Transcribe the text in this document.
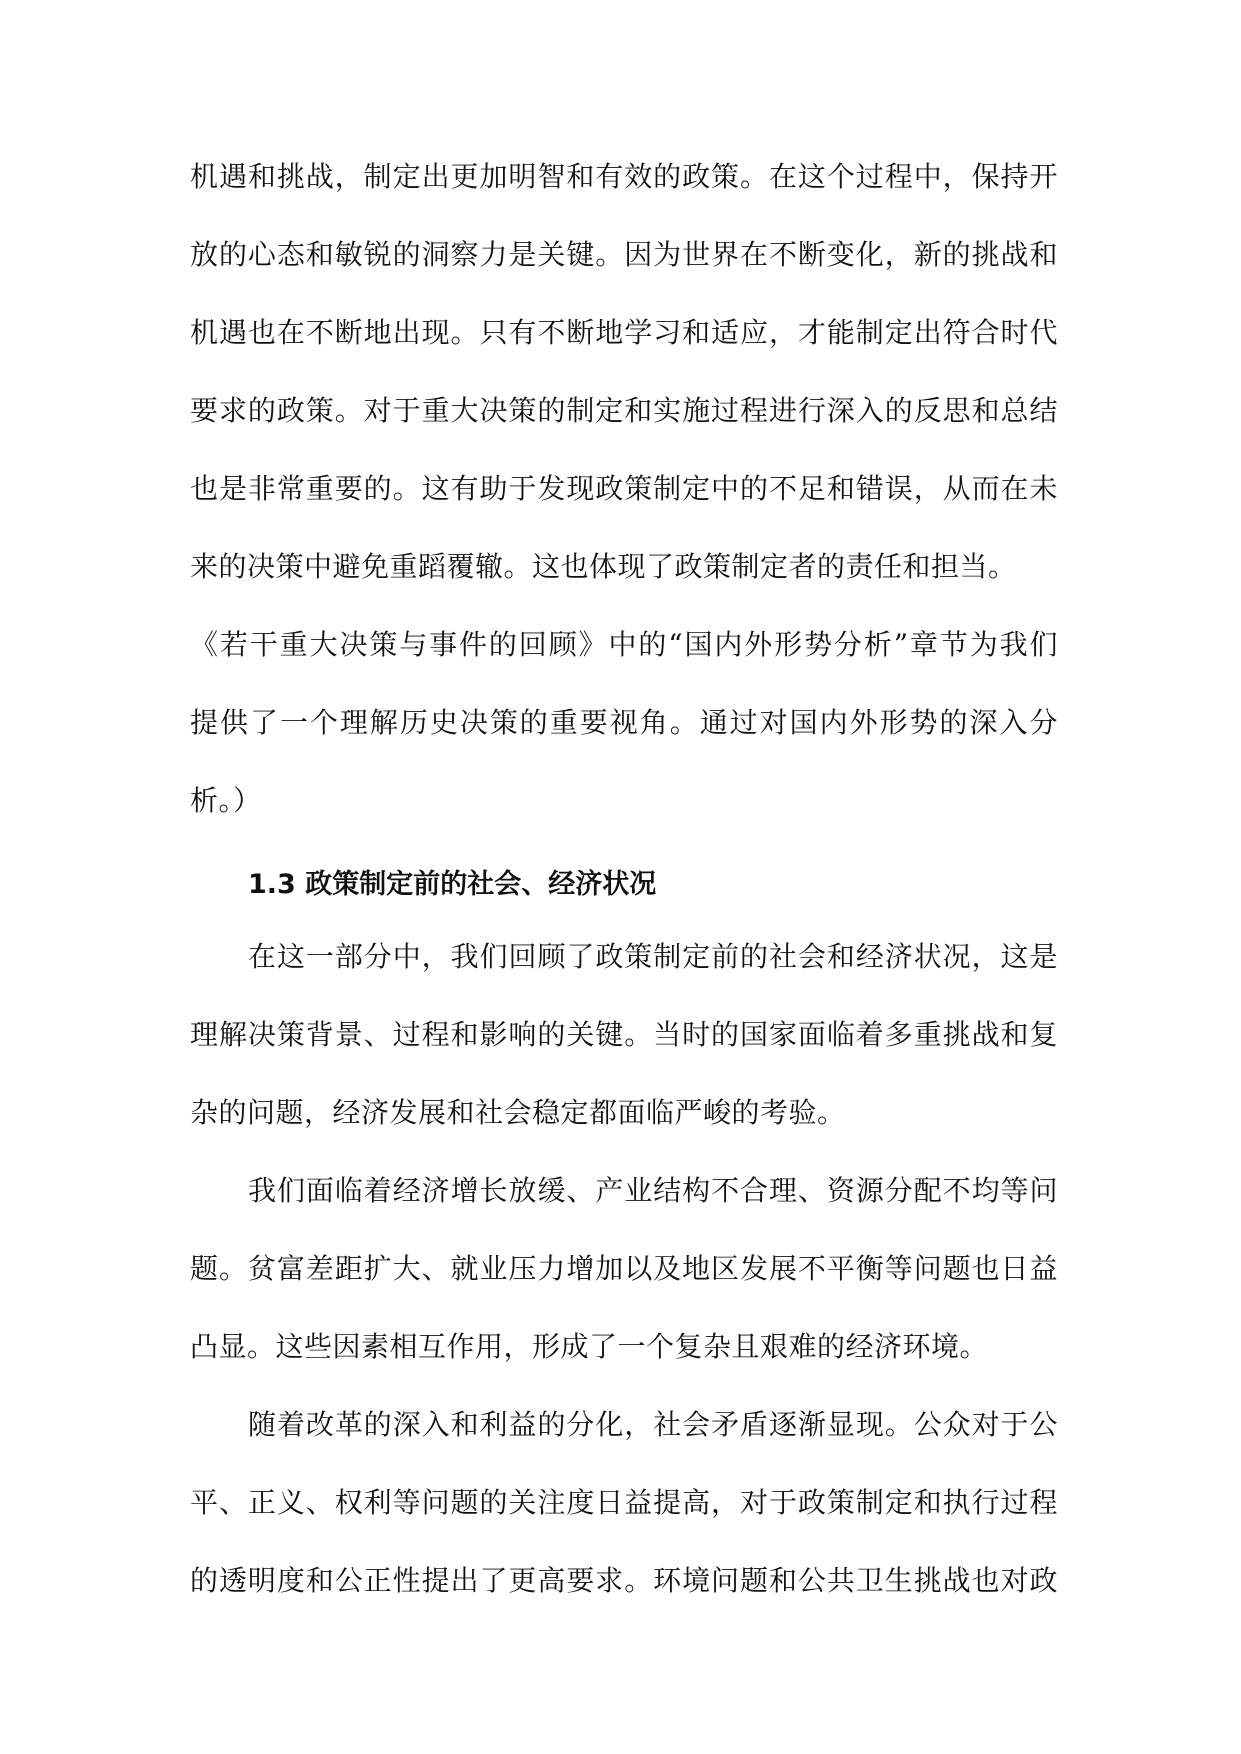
机遇和挑战，制定出更加明智和有效的政策。在这个过程中，保持开
放的心态和敏锐的洞察力是关键。因为世界在不断变化，新的挑战和
机遇也在不断地出现。只有不断地学习和适应，才能制定出符合时代
要求的政策。对于重大决策的制定和实施过程进行深入的反思和总结
也是非常重要的。这有助于发现政策制定中的不足和错误，从而在未
来的决策中避免重蹈覆辙。这也体现了政策制定者的责任和担当。
《若干重大决策与事件的回顾》中的“国内外形势分析”章节为我们
提供了一个理解历史决策的重要视角。通过对国内外形势的深入分
析。）
1.3 政策制定前的社会、经济状况
在这一部分中，我们回顾了政策制定前的社会和经济状况，这是
理解决策背景、过程和影响的关键。当时的国家面临着多重挑战和复
杂的问题，经济发展和社会稳定都面临严峻的考验。
我们面临着经济增长放缓、产业结构不合理、资源分配不均等问
题。贫富差距扩大、就业压力增加以及地区发展不平衡等问题也日益
凸显。这些因素相互作用，形成了一个复杂且艰难的经济环境。
随着改革的深入和利益的分化，社会矛盾逐渐显现。公众对于公
平、正义、权利等问题的关注度日益提高，对于政策制定和执行过程
的透明度和公正性提出了更高要求。环境问题和公共卫生挑战也对政
